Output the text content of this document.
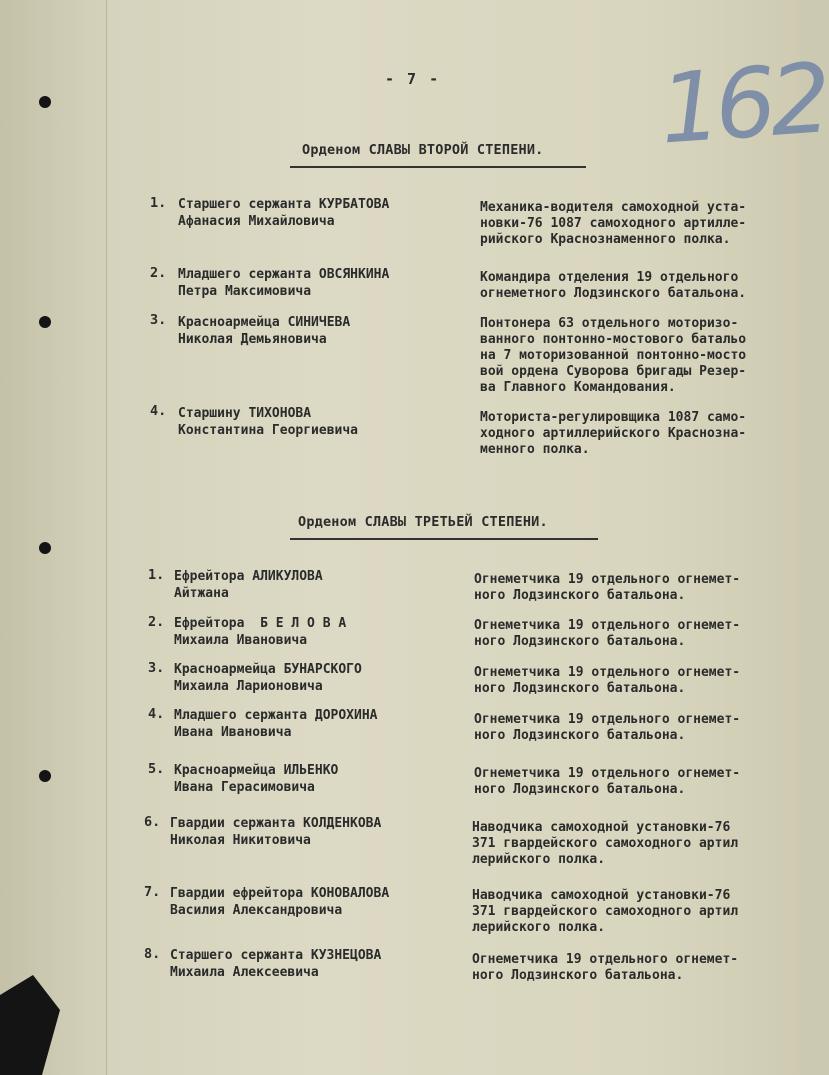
- 7 - 162
Орденом СЛАВЫ ВТОРОЙ СТЕПЕНИ.
1. Старшего сержанта КУРБАТОВА
Афанасия Михайловича
Механика-водителя самоходной уста-
новки-76 1087 самоходного артилле-
рийского Краснознаменного полка.
2. Младшего сержанта ОВСЯНКИНА
Петра Максимовича
Командира отделения 19 отдельного
огнеметного Лодзинского батальона.
3. Красноармейца СИНИЧЕВА
Николая Демьяновича
Понтонера 63 отдельного моторизо-
ванного понтонно-мостового батальо
на 7 моторизованной понтонно-мосто
вой ордена Суворова бригады Резер-
ва Главного Командования.
4. Старшину ТИХОНОВА
Константина Георгиевича
Моториста-регулировщика 1087 само-
ходного артиллерийского Краснозна-
менного полка.
Орденом СЛАВЫ ТРЕТЬЕЙ СТЕПЕНИ.
1. Ефрейтора АЛИКУЛОВА
Айтжана
Огнеметчика 19 отдельного огнемет-
ного Лодзинского батальона.
2. Ефрейтора  Б Е Л О В А
Михаила Ивановича
Огнеметчика 19 отдельного огнемет-
ного Лодзинского батальона.
3. Красноармейца БУНАРСКОГО
Михаила Ларионовича
Огнеметчика 19 отдельного огнемет-
ного Лодзинского батальона.
4. Младшего сержанта ДОРОХИНА
Ивана Ивановича
Огнеметчика 19 отдельного огнемет-
ного Лодзинского батальона.
5. Красноармейца ИЛЬЕНКО
Ивана Герасимовича
Огнеметчика 19 отдельного огнемет-
ного Лодзинского батальона.
6. Гвардии сержанта КОЛДЕНКОВА
Николая Никитовича
Наводчика самоходной установки-76
371 гвардейского самоходного артил
лерийского полка.
7. Гвардии ефрейтора КОНОВАЛОВА
Василия Александровича
Наводчика самоходной установки-76
371 гвардейского самоходного артил
лерийского полка.
8. Старшего сержанта КУЗНЕЦОВА
Михаила Алексеевича
Огнеметчика 19 отдельного огнемет-
ного Лодзинского батальона.
